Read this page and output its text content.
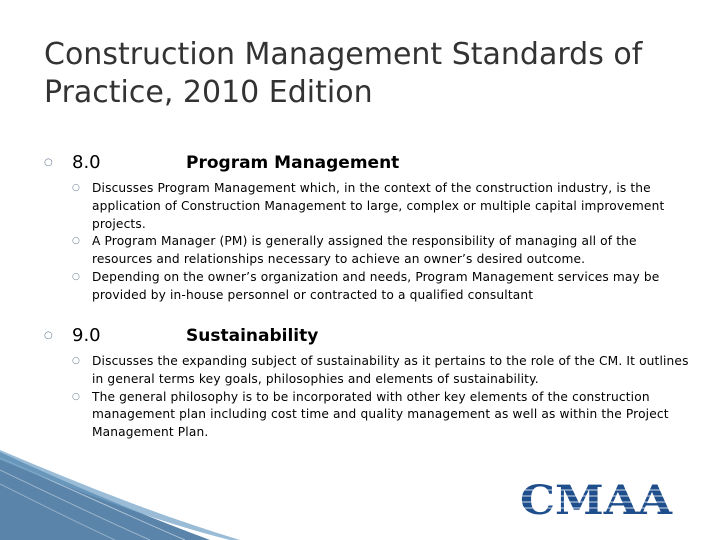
Construction Management Standards of Practice, 2010 Edition
○ 8.0	Program Management
○ Discusses Program Management which, in the context of the construction industry, is the application of Construction Management to large, complex or multiple capital improvement projects.
○ A Program Manager (PM) is generally assigned the responsibility of managing all of the resources and relationships necessary to achieve an owner’s desired outcome.
○ Depending on the owner’s organization and needs, Program Management services may be provided by in-house personnel or contracted to a qualified consultant
○ 9.0	Sustainability
○ Discusses the expanding subject of sustainability as it pertains to the role of the CM. It outlines in general terms key goals, philosophies and elements of sustainability.
○ The general philosophy is to be incorporated with other key elements of the construction management plan including cost time and quality management as well as within the Project Management Plan.
CMAA
